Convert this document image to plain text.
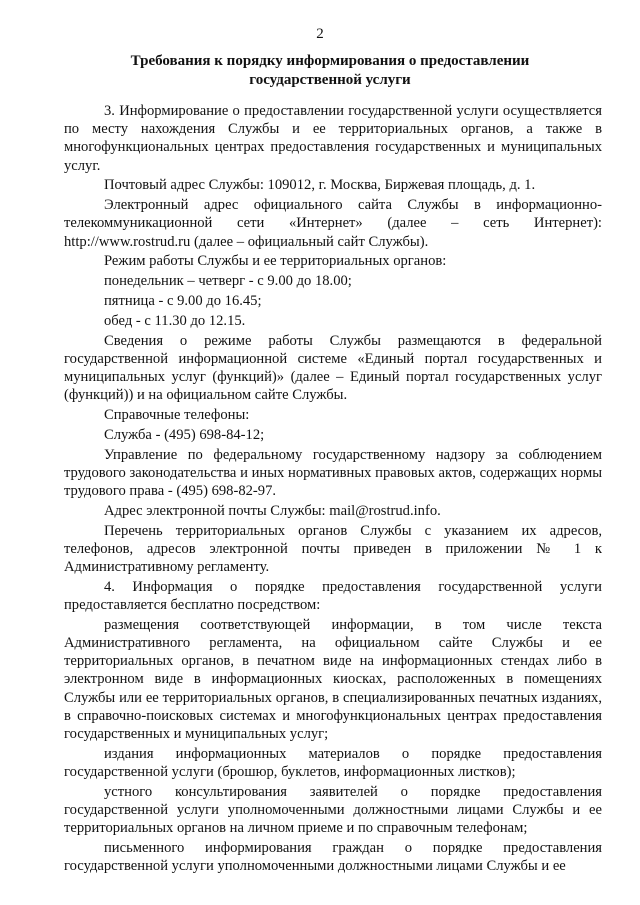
2
Требования к порядку информирования о предоставлении
государственной услуги

3. Информирование о предоставлении государственной услуги осуществляется по месту нахождения Службы и ее территориальных органов, а также в многофункциональных центрах предоставления государственных и муниципальных услуг.

Почтовый адрес Службы: 109012, г. Москва, Биржевая площадь, д. 1.

Электронный адрес официального сайта Службы в информационно-телекоммуникационной сети «Интернет» (далее – сеть Интернет): http://www.rostrud.ru (далее – официальный сайт Службы).

Режим работы Службы и ее территориальных органов:

понедельник – четверг - с 9.00 до 18.00;

пятница - с 9.00 до 16.45;

обед - с 11.30 до 12.15.

Сведения о режиме работы Службы размещаются в федеральной государственной информационной системе «Единый портал государственных и муниципальных услуг (функций)» (далее – Единый портал государственных услуг (функций)) и на официальном сайте Службы.

Справочные телефоны:

Служба - (495) 698-84-12;

Управление по федеральному государственному надзору за соблюдением трудового законодательства и иных нормативных правовых актов, содержащих нормы трудового права - (495) 698-82-97.

Адрес электронной почты Службы: mail@rostrud.info.

Перечень территориальных органов Службы с указанием их адресов, телефонов, адресов электронной почты приведен в приложении № 1 к Административному регламенту.

4. Информация о порядке предоставления государственной услуги предоставляется бесплатно посредством:

размещения соответствующей информации, в том числе текста Административного регламента, на официальном сайте Службы и ее территориальных органов, в печатном виде на информационных стендах либо в электронном виде в информационных киосках, расположенных в помещениях Службы или ее территориальных органов, в специализированных печатных изданиях, в справочно-поисковых системах и многофункциональных центрах предоставления государственных и муниципальных услуг;

издания информационных материалов о порядке предоставления государственной услуги (брошюр, буклетов, информационных листков);

устного консультирования заявителей о порядке предоставления государственной услуги уполномоченными должностными лицами Службы и ее территориальных органов на личном приеме и по справочным телефонам;

письменного информирования граждан о порядке предоставления государственной услуги уполномоченными должностными лицами Службы и ее
